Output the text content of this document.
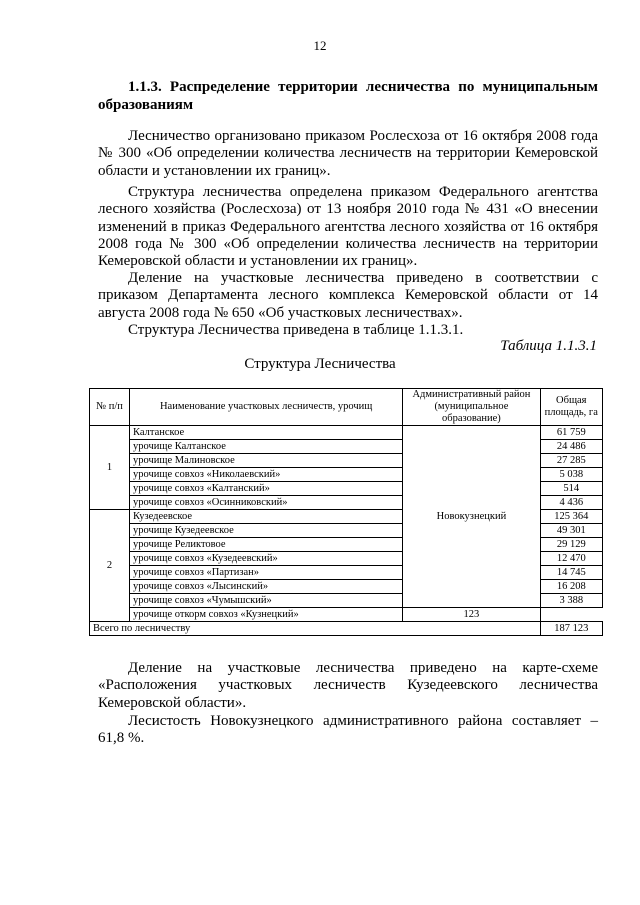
12
1.1.3. Распределение территории лесничества по муниципальным образованиям
Лесничество организовано приказом Рослесхоза от 16 октября 2008 года № 300 «Об определении количества лесничеств на территории Кемеровской области и установлении их границ».
Структура лесничества определена приказом Федерального агентства лесного хозяйства (Рослесхоза) от 13 ноября 2010 года № 431 «О внесении изменений в приказ Федерального агентства лесного хозяйства от 16 октября 2008 года № 300 «Об определении количества лесничеств на территории Кемеровской области и установлении их границ».
Деление на участковые лесничества приведено в соответствии с приказом Департамента лесного комплекса Кемеровской области от 14 августа 2008 года № 650 «Об участковых лесничествах».
Структура Лесничества приведена в таблице 1.1.3.1.
Таблица 1.1.3.1
Структура Лесничества
№ п/п	Наименование участковых лесничеств, урочищ	Административный район (муниципальное образование)	Общая площадь, га
1	Калтанское	Новокузнецкий	61 759
	урочище Калтанское		24 486
	урочище Малиновское		27 285
	урочище совхоз «Николаевский»		5 038
	урочище совхоз «Калтанский»		514
	урочище совхоз «Осинниковский»		4 436
2	Кузедеевское		125 364
	урочище Кузедеевское		49 301
	урочище Реликтовое		29 129
	урочище совхоз «Кузедеевский»		12 470
	урочище совхоз «Партизан»		14 745
	урочище совхоз «Лысинский»		16 208
	урочище совхоз «Чумышский»		3 388
	урочище откорм совхоз «Кузнецкий»	123	
Всего по лесничеству			187 123
Деление на участковые лесничества приведено на карте-схеме «Расположения участковых лесничеств Кузедеевского лесничества Кемеровской области».
Лесистость Новокузнецкого административного района составляет – 61,8 %.
